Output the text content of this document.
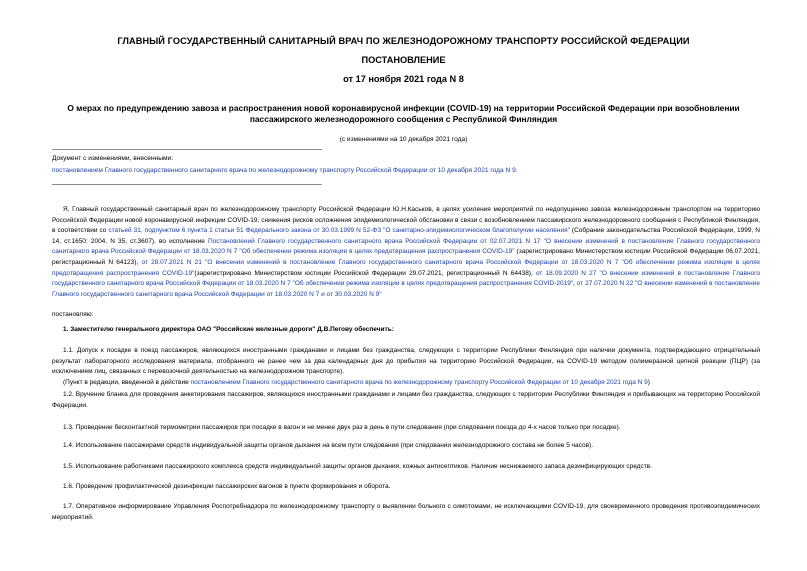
ГЛАВНЫЙ ГОСУДАРСТВЕННЫЙ САНИТАРНЫЙ ВРАЧ ПО ЖЕЛЕЗНОДОРОЖНОМУ ТРАНСПОРТУ РОССИЙСКОЙ ФЕДЕРАЦИИ
ПОСТАНОВЛЕНИЕ
от 17 ноября 2021 года N 8
О мерах по предупреждению завоза и распространения новой коронавирусной инфекции (COVID-19) на территории Российской Федерации при возобновлении пассажирского железнодорожного сообщения с Республикой Финляндия
(с изменениями на 10 декабря 2021 года)
Документ с изменениями, внесенными:
постановлением Главного государственного санитарного врача по железнодорожному транспорту Российской Федерации от 10 декабря 2021 года N 9.
Я, Главный государственный санитарный врач по железнодорожному транспорту Российской Федерации Ю.Н.Каськов, в целях усиления мероприятий по недопущению завоза железнодорожным транспортом на территорию Российской Федерации новой коронавирусной инфекции COVID-19, снижения рисков осложнения эпидемиологической обстановки в связи с возобновлением пассажирского железнодорожного сообщения с Республикой Финляндия, в соответствии со статьей 31, подпунктом 6 пункта 1 статьи 51 Федерального закона от 30.03.1999 N 52-ФЗ "О санитарно-эпидемиологическом благополучии населения" (Собрание законодательства Российской Федерации, 1999, N 14, ст.1650; 2004, N 35, ст.3607), во исполнение Постановлений Главного государственного санитарного врача Российской Федерации от 02.07.2021 N 17 "О внесении изменений в постановление Главного государственного санитарного врача Российской Федерации от 18.03.2020 N 7 "Об обеспечении режима изоляции в целях предотвращения распространения COVID-19" (зарегистрировано Министерством юстиции Российской Федерации 06.07.2021, регистрационный N 64123), от 28.07.2021 N 21 "О внесении изменений в постановление Главного государственного санитарного врача Российской Федерации от 18.03.2020 N 7 "Об обеспечении режима изоляции в целях предотвращения распространения COVID-19"(зарегистрировано Министерством юстиции Российской Федерации 29.07.2021, регистрационный N 64438), от 18.09.2020 N 27 "О внесении изменений в постановление Главного государственного санитарного врача Российской Федерации от 18.03.2020 N 7 "Об обеспечении режима изоляции в целях предотвращения распространения COVID-2019", от 27.07.2020 N 22 "О внесении изменений в постановление Главного государственного санитарного врача Российской Федерации от 18.03.2020 N 7 и от 30.03.2020 N 9"
постановляю:
1. Заместителю генерального директора ОАО "Российские железные дороги" Д.В.Пегову обеспечить:
1.1. Допуск к посадке в поезд пассажиров, являющихся иностранными гражданами и лицами без гражданства, следующих с территории Республики Финляндия при наличии документа, подтверждающего отрицательный результат лабораторного исследования материала, отобранного не ранее чем за два календарных дня до прибытия на территорию Российской Федерации, на COVID-19 методом полимеразной цепной реакции (ПЦР) (за исключением лиц, связанных с перевозочной деятельностью на железнодорожном транспорте).
(Пункт в редакции, введенной в действие постановлением Главного государственного санитарного врача по железнодорожному транспорту Российской Федерации от 10 декабря 2021 года N 9)
1.2. Вручение бланка для проведения анкетирования пассажиров, являющихся иностранными гражданами и лицами без гражданства, следующих с территории Республики Финляндия и прибывающих на территорию Российской Федерации.
1.3. Проведение бесконтактной термометрии пассажиров при посадке в вагон и не менее двух раз в день в пути следования (при следовании поезда до 4-х часов только при посадке).
1.4. Использование пассажирами средств индивидуальной защиты органов дыхания на всем пути следования (при следовании железнодорожного состава не более 5 часов).
1.5. Использование работниками пассажирского комплекса средств индивидуальной защиты органов дыхания, кожных антисептиков. Наличие неснижаемого запаса дезинфицирующих средств.
1.6. Проведение профилактической дезинфекции пассажирских вагонов в пункте формирования и оборота.
1.7. Оперативное информирование Управления Роспотребнадзора по железнодорожному транспорту о выявлении больного с симптомами, не исключающими COVID-19, для своевременного проведения противоэпидемических мероприятий.
